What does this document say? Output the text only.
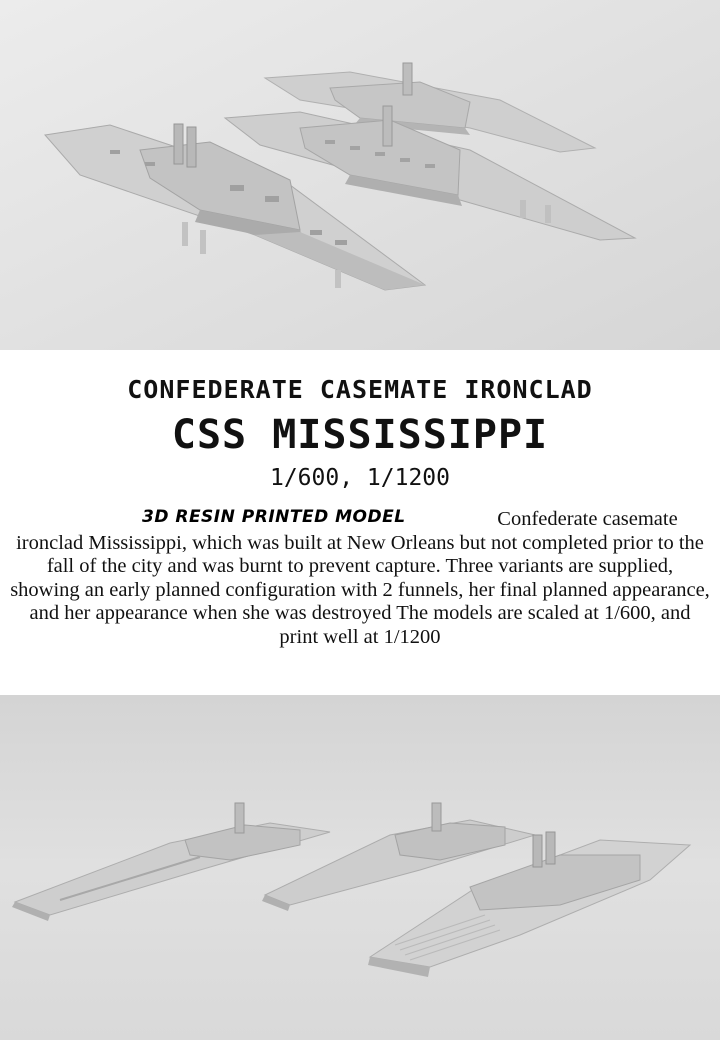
CONFEDERATE CASEMATE IRONCLAD
CSS MISSISSIPPI
1/600, 1/1200
3D RESIN PRINTED MODEL	Confederate casemate ironclad Mississippi, which was built at New Orleans but not completed prior to the fall of the city and was burnt to prevent capture. Three variants are supplied, showing an early planned configuration with 2 funnels, her final planned appearance, and her appearance when she was destroyed The models are scaled at 1/600, and print well at 1/1200
